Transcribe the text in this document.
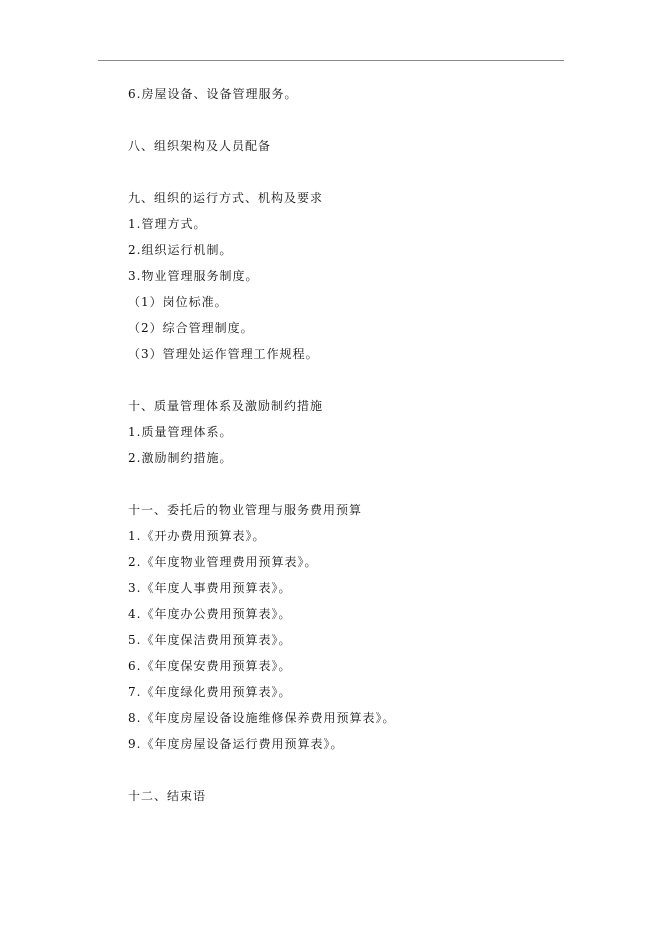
6.房屋设备、设备管理服务。
八、组织架构及人员配备
九、组织的运行方式、机构及要求
1.管理方式。
2.组织运行机制。
3.物业管理服务制度。
（1）岗位标准。
（2）综合管理制度。
（3）管理处运作管理工作规程。
十、质量管理体系及激励制约措施
1.质量管理体系。
2.激励制约措施。
十一、委托后的物业管理与服务费用预算
1.《开办费用预算表》。
2.《年度物业管理费用预算表》。
3.《年度人事费用预算表》。
4.《年度办公费用预算表》。
5.《年度保洁费用预算表》。
6.《年度保安费用预算表》。
7.《年度绿化费用预算表》。
8.《年度房屋设备设施维修保养费用预算表》。
9.《年度房屋设备运行费用预算表》。
十二、结束语
